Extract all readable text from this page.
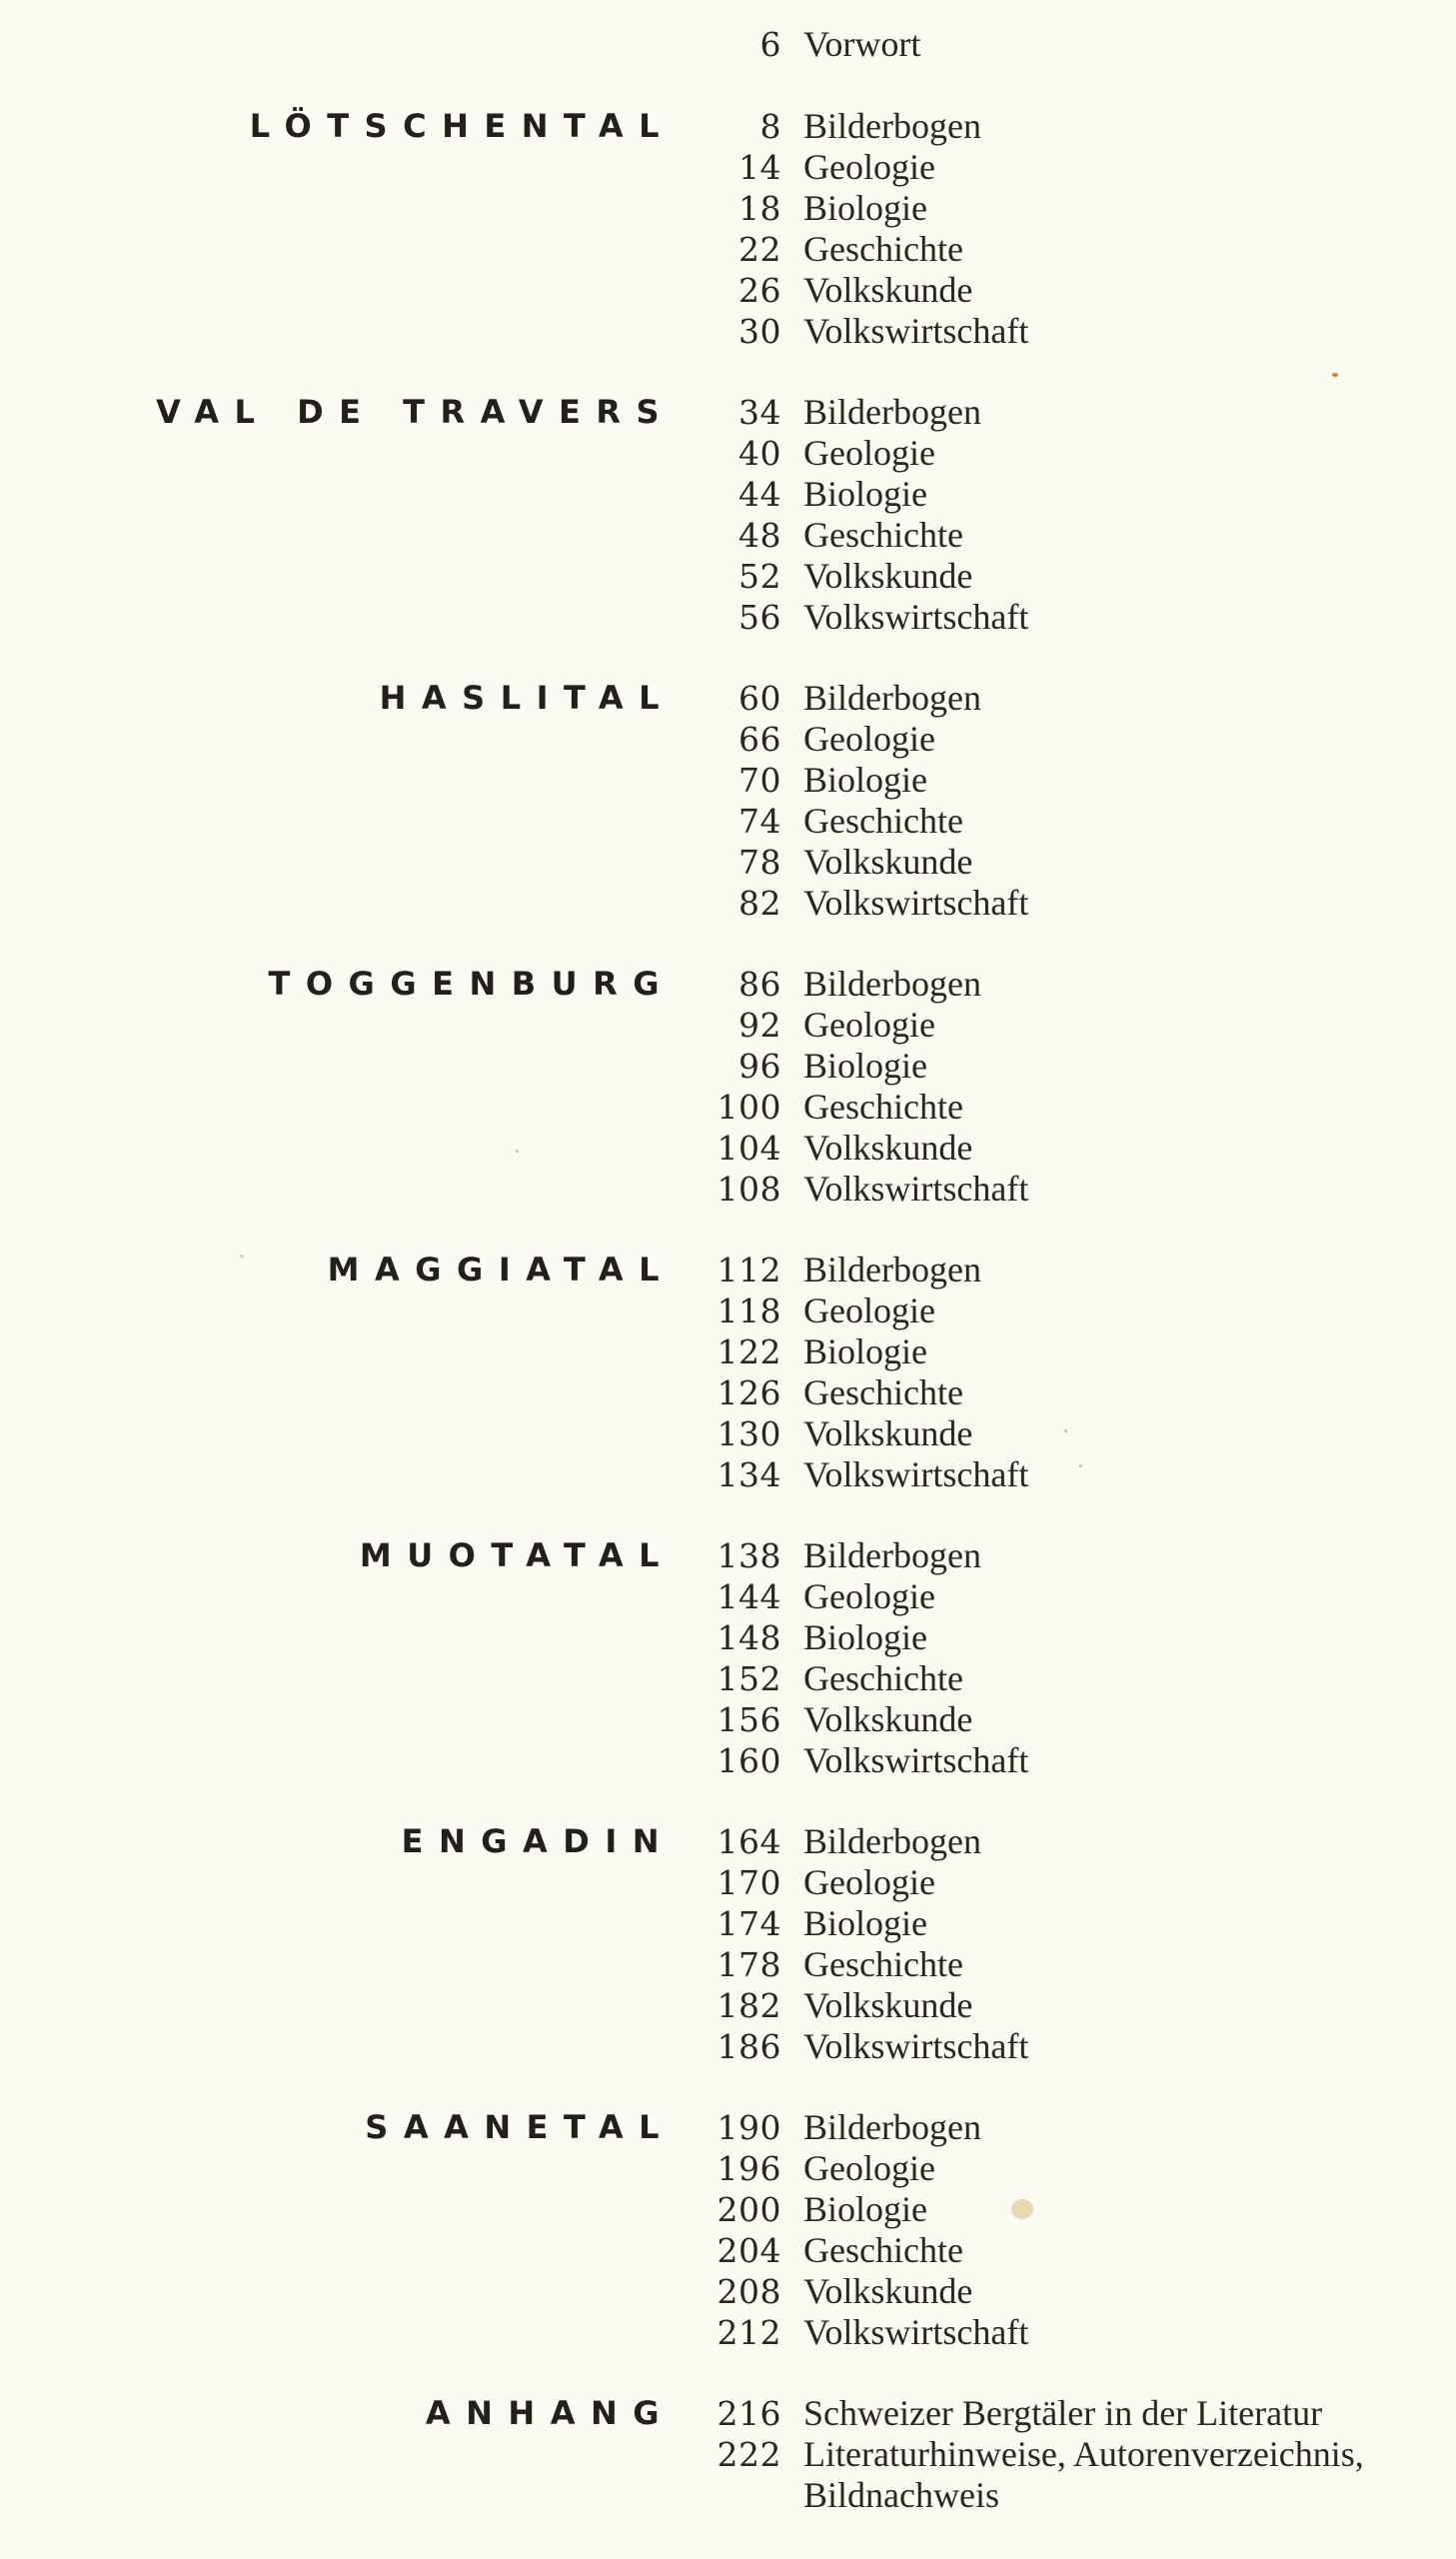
6 Vorwort
LÖTSCHENTAL	8 Bilderbogen
14 Geologie
18 Biologie
22 Geschichte
26 Volkskunde
30 Volkswirtschaft
VAL DE TRAVERS	34 Bilderbogen
40 Geologie
44 Biologie
48 Geschichte
52 Volkskunde
56 Volkswirtschaft
HASLITAL	60 Bilderbogen
66 Geologie
70 Biologie
74 Geschichte
78 Volkskunde
82 Volkswirtschaft
TOGGENBURG	86 Bilderbogen
92 Geologie
96 Biologie
100 Geschichte
104 Volkskunde
108 Volkswirtschaft
MAGGIATAL	112 Bilderbogen
118 Geologie
122 Biologie
126 Geschichte
130 Volkskunde
134 Volkswirtschaft
MUOTATAL	138 Bilderbogen
144 Geologie
148 Biologie
152 Geschichte
156 Volkskunde
160 Volkswirtschaft
ENGADIN	164 Bilderbogen
170 Geologie
174 Biologie
178 Geschichte
182 Volkskunde
186 Volkswirtschaft
SAANETAL	190 Bilderbogen
196 Geologie
200 Biologie
204 Geschichte
208 Volkskunde
212 Volkswirtschaft
ANHANG	216 Schweizer Bergtäler in der Literatur
222 Literaturhinweise, Autorenverzeichnis,
Bildnachweis
